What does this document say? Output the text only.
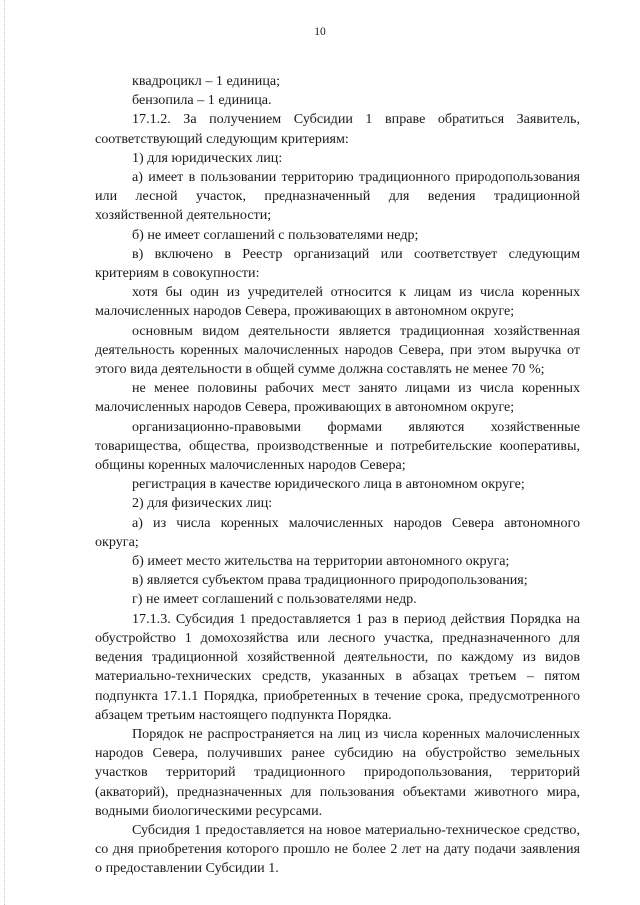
10

квадроцикл – 1 единица;

бензопила – 1 единица.

17.1.2. За получением Субсидии 1 вправе обратиться Заявитель, соответствующий следующим критериям:

1) для юридических лиц:

а) имеет в пользовании территорию традиционного природопользования или лесной участок, предназначенный для ведения традиционной хозяйственной деятельности;

б) не имеет соглашений с пользователями недр;

в) включено в Реестр организаций или соответствует следующим критериям в совокупности:

хотя бы один из учредителей относится к лицам из числа коренных малочисленных народов Севера, проживающих в автономном округе;

основным видом деятельности является традиционная хозяйственная деятельность коренных малочисленных народов Севера, при этом выручка от этого вида деятельности в общей сумме должна составлять не менее 70 %;

не менее половины рабочих мест занято лицами из числа коренных малочисленных народов Севера, проживающих в автономном округе;

организационно-правовыми формами являются хозяйственные товарищества, общества, производственные и потребительские кооперативы, общины коренных малочисленных народов Севера;

регистрация в качестве юридического лица в автономном округе;

2) для физических лиц:

а) из числа коренных малочисленных народов Севера автономного округа;

б) имеет место жительства на территории автономного округа;

в) является субъектом права традиционного природопользования;

г) не имеет соглашений с пользователями недр.

17.1.3. Субсидия 1 предоставляется 1 раз в период действия Порядка на обустройство 1 домохозяйства или лесного участка, предназначенного для ведения традиционной хозяйственной деятельности, по каждому из видов материально-технических средств, указанных в абзацах третьем – пятом подпункта 17.1.1 Порядка, приобретенных в течение срока, предусмотренного абзацем третьим настоящего подпункта Порядка.

Порядок не распространяется на лиц из числа коренных малочисленных народов Севера, получивших ранее субсидию на обустройство земельных участков территорий традиционного природопользования, территорий (акваторий), предназначенных для пользования объектами животного мира, водными биологическими ресурсами.

Субсидия 1 предоставляется на новое материально-техническое средство, со дня приобретения которого прошло не более 2 лет на дату подачи заявления о предоставлении Субсидии 1.
